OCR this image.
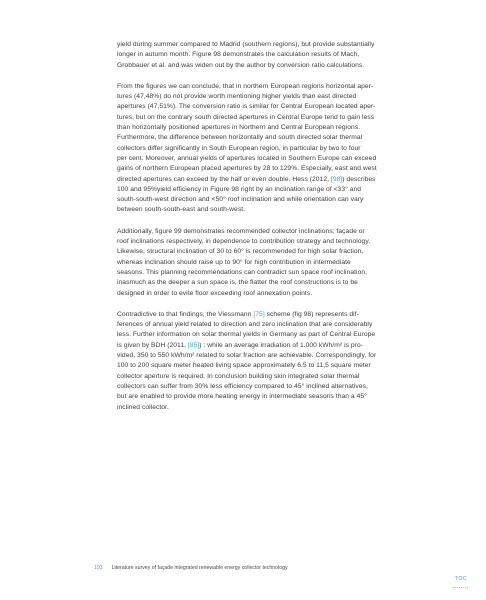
yield during summer compared to Madrid (southern regions), but provide substantially
longer in autumn month. Figure 98 demonstrates the calculation results of Mach,
Grobbauer et al. and was widen out by the author by conversion ratio calculations.

From the figures we can conclude, that in northern European regions horizontal aper-
tures (47,48%) do not provide worth mentioning higher yields than east directed
apertures (47,51%). The conversion ratio is similar for Central European located aper-
tures, but on the contrary south directed apertures in Central Europe tend to gain less
than horizontally positioned apertures in Northern and Central European regions.
Furthermore, the difference between horizontally and south directed solar thermal
collectors differ significantly in South European region, in particular by two to four
per cent. Moreover, annual yields of apertures located in Southern Europe can exceed
gains of northern European placed apertures by 28 to 129%. Especially, east and west
directed apertures can exceed by the half or even double. Hess (2012, [98]) describes
100 and 95%yield efficiency in Figure 98 right by an inclination range of <33° and
south-south-west direction and <50° roof inclination and while orientation can vary
between south-south-east and south-west.

Additionally, figure 99 demonstrates recommended collector inclinations; façade or
roof inclinations respectively, in dependence to contribution strategy and technology.
Likewise, structural inclination of 30 to 60° is recommended for high solar fraction,
whereas inclination should raise up to 90° for high contribution in intermediate
seasons. This planning recommendations can contradict sun space roof inclination,
inasmuch as the deeper a sun space is, the flatter the roof constructions is to be
designed in order to evite floor exceeding roof annexation points.

Contradictive to that findings, the Viessmann [75] scheme (fig 98) represents dif-
ferences of annual yield related to direction and zero inclination that are considerably
less. Further information on solar thermal yields in Germany as part of Central Europe
is given by BDH (2011, [85]) : while an average irradiation of 1.000 kWh/m² is pro-
vided, 350 to 550 kWh/m² related to solar fraction are achievable. Correspondingly, for
100 to 200 square meter heated living space approximately 6,5 to 11,5 square meter
collector aperture is required. In conclusion building skin integrated solar thermal
collectors can suffer from 30% less efficiency compared to 45° inclined alternatives,
but are enabled to provide more heating energy in intermediate seasons than a 45°
inclined collector.

193 Literature survey of façade integrated renewable energy collector technology
TOC
